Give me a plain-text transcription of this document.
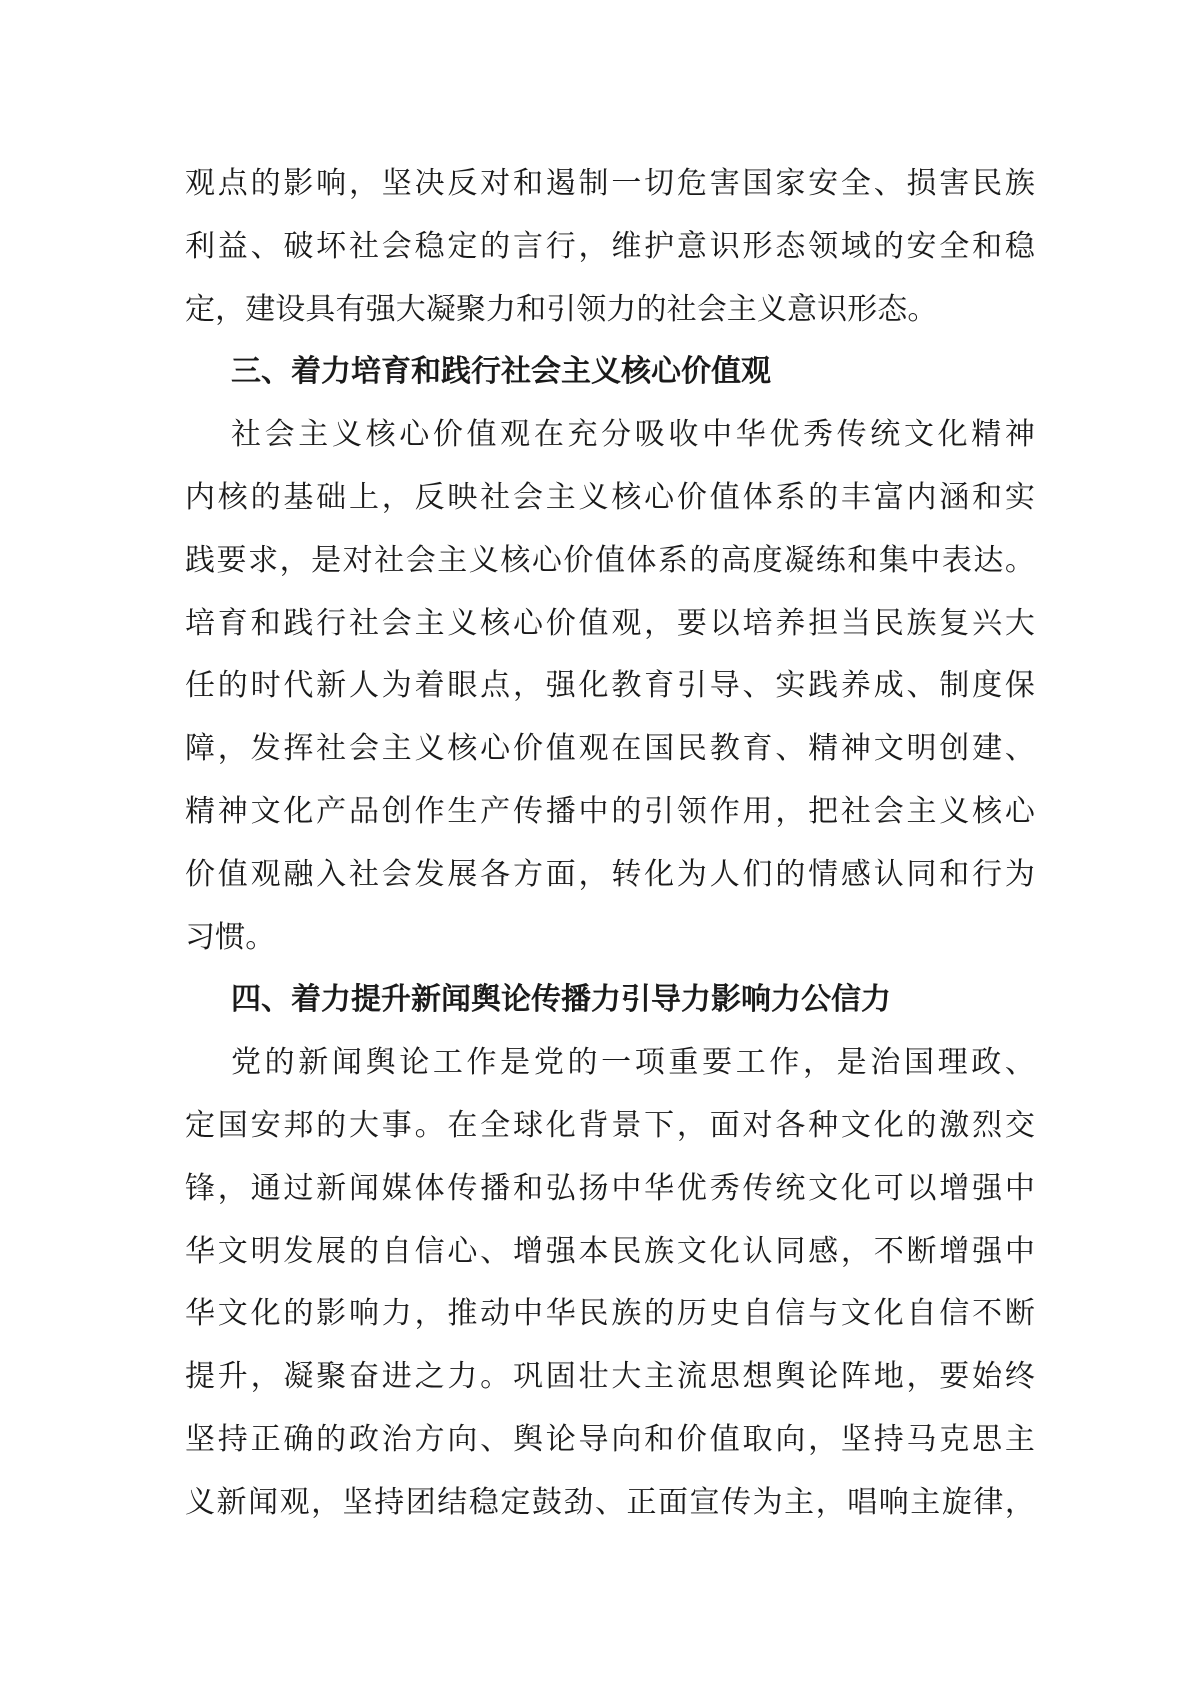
观点的影响，坚决反对和遏制一切危害国家安全、损害民族
利益、破坏社会稳定的言行，维护意识形态领域的安全和稳
定，建设具有强大凝聚力和引领力的社会主义意识形态。
三、着力培育和践行社会主义核心价值观
社会主义核心价值观在充分吸收中华优秀传统文化精神
内核的基础上，反映社会主义核心价值体系的丰富内涵和实
践要求，是对社会主义核心价值体系的高度凝练和集中表达。
培育和践行社会主义核心价值观，要以培养担当民族复兴大
任的时代新人为着眼点，强化教育引导、实践养成、制度保
障，发挥社会主义核心价值观在国民教育、精神文明创建、
精神文化产品创作生产传播中的引领作用，把社会主义核心
价值观融入社会发展各方面，转化为人们的情感认同和行为
习惯。
四、着力提升新闻舆论传播力引导力影响力公信力
党的新闻舆论工作是党的一项重要工作，是治国理政、
定国安邦的大事。在全球化背景下，面对各种文化的激烈交
锋，通过新闻媒体传播和弘扬中华优秀传统文化可以增强中
华文明发展的自信心、增强本民族文化认同感，不断增强中
华文化的影响力，推动中华民族的历史自信与文化自信不断
提升，凝聚奋进之力。巩固壮大主流思想舆论阵地，要始终
坚持正确的政治方向、舆论导向和价值取向，坚持马克思主
义新闻观，坚持团结稳定鼓劲、正面宣传为主，唱响主旋律，
